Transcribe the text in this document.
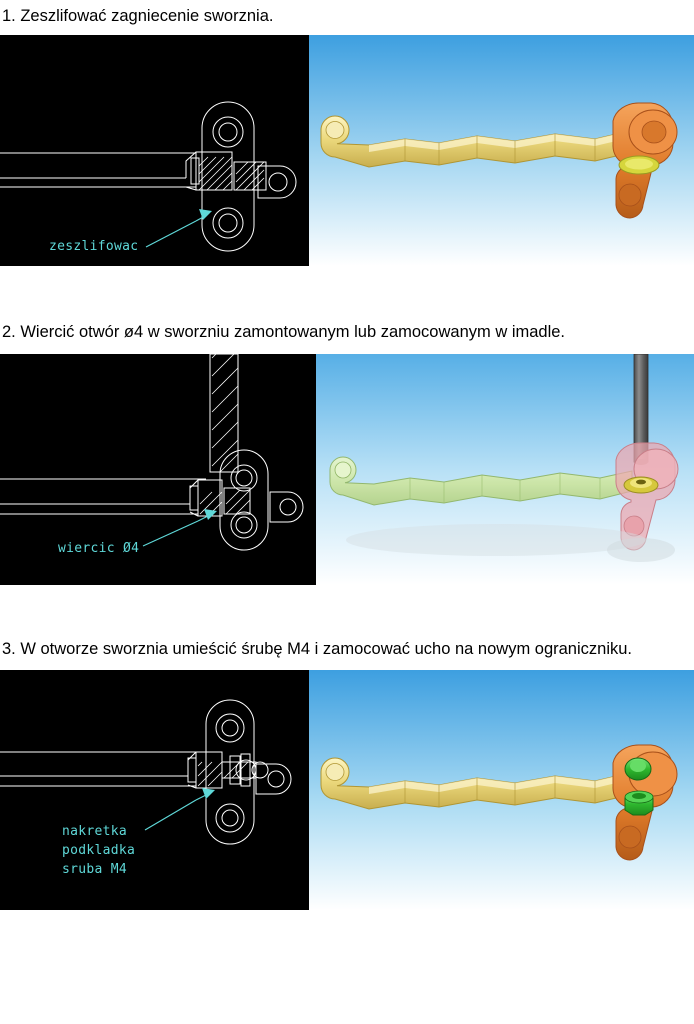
1. Zeszlifować zagniecenie sworznia.
zeszlifowac
2. Wiercić otwór ø4 w sworzniu zamontowanym lub zamocowanym w imadle.
wiercic Ø4
3. W otworze sworznia umieścić śrubę M4 i zamocować ucho na nowym ograniczniku.
nakretka
podkladka
sruba M4
